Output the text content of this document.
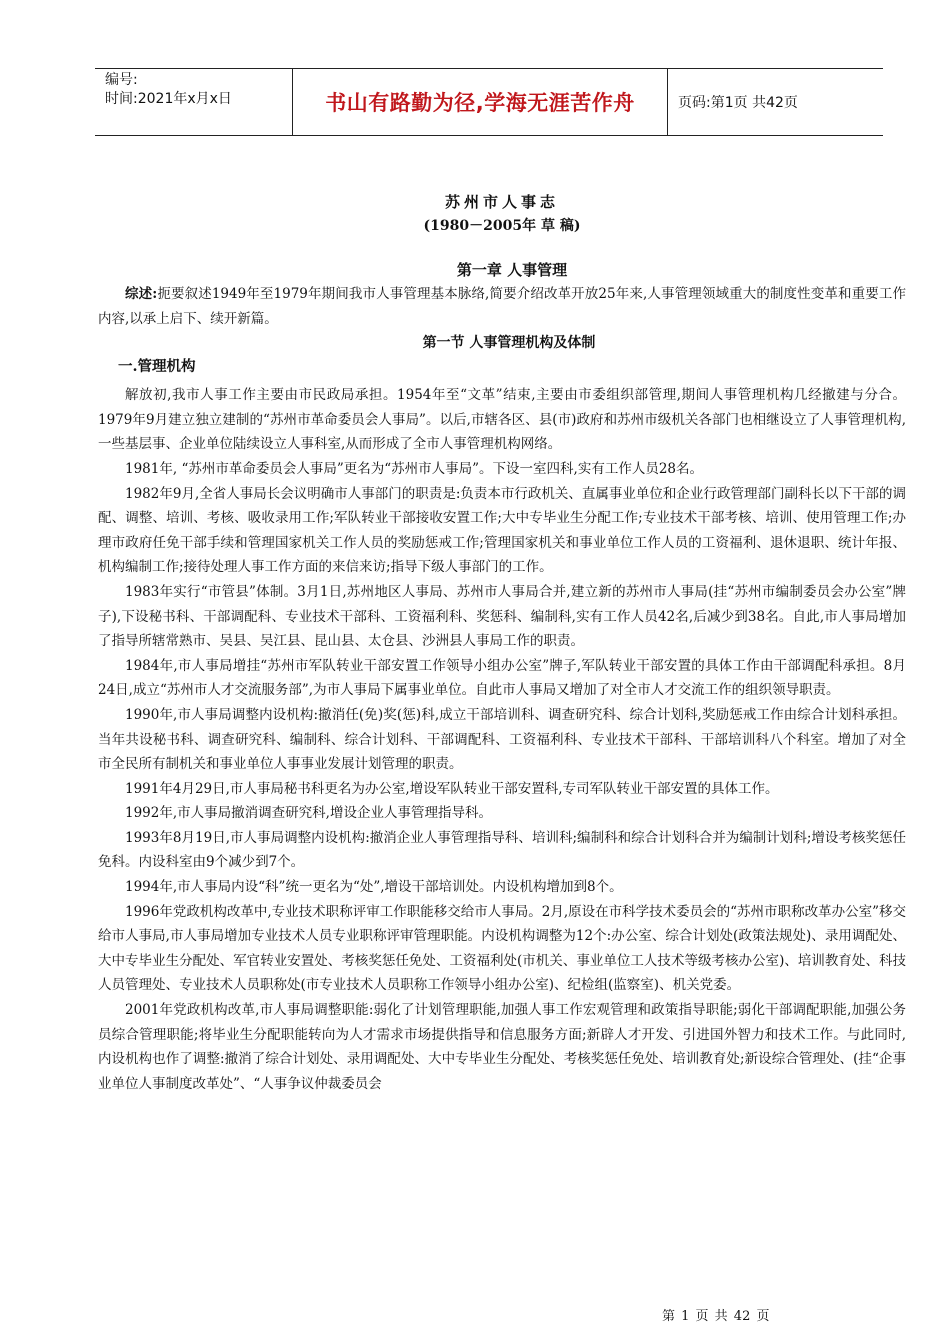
编号:
时间:2021年x月x日	书山有路勤为径,学海无涯苦作舟	页码:第1页 共42页
苏州市人事志
(1980－2005年 草 稿)
第一章 人事管理

综述:扼要叙述1949年至1979年期间我市人事管理基本脉络,简要介绍改革开放25年来,人事管理领域重大的制度性变革和重要工作内容,以承上启下、续开新篇。

第一节 人事管理机构及体制
一.管理机构

解放初,我市人事工作主要由市民政局承担。1954年至“文革”结束,主要由市委组织部管理,期间人事管理机构几经撤建与分合。1979年9月建立独立建制的“苏州市革命委员会人事局”。以后,市辖各区、县(市)政府和苏州市级机关各部门也相继设立了人事管理机构,一些基层事、企业单位陆续设立人事科室,从而形成了全市人事管理机构网络。

1981年, “苏州市革命委员会人事局”更名为“苏州市人事局”。下设一室四科,实有工作人员28名。

1982年9月,全省人事局长会议明确市人事部门的职责是:负责本市行政机关、直属事业单位和企业行政管理部门副科长以下干部的调配、调整、培训、考核、吸收录用工作;军队转业干部接收安置工作;大中专毕业生分配工作;专业技术干部考核、培训、使用管理工作;办理市政府任免干部手续和管理国家机关工作人员的奖励惩戒工作;管理国家机关和事业单位工作人员的工资福利、退休退职、统计年报、机构编制工作;接待处理人事工作方面的来信来访;指导下级人事部门的工作。

1983年实行“市管县”体制。3月1日,苏州地区人事局、苏州市人事局合并,建立新的苏州市人事局(挂“苏州市编制委员会办公室”牌子),下设秘书科、干部调配科、专业技术干部科、工资福利科、奖惩科、编制科,实有工作人员42名,后减少到38名。自此,市人事局增加了指导所辖常熟市、吴县、吴江县、昆山县、太仓县、沙洲县人事局工作的职责。

1984年,市人事局增挂“苏州市军队转业干部安置工作领导小组办公室”牌子,军队转业干部安置的具体工作由干部调配科承担。8月24日,成立“苏州市人才交流服务部”,为市人事局下属事业单位。自此市人事局又增加了对全市人才交流工作的组织领导职责。

1990年,市人事局调整内设机构:撤消任(免)奖(惩)科,成立干部培训科、调查研究科、综合计划科,奖励惩戒工作由综合计划科承担。当年共设秘书科、调查研究科、编制科、综合计划科、干部调配科、工资福利科、专业技术干部科、干部培训科八个科室。增加了对全市全民所有制机关和事业单位人事事业发展计划管理的职责。

1991年4月29日,市人事局秘书科更名为办公室,增设军队转业干部安置科,专司军队转业干部安置的具体工作。

1992年,市人事局撤消调查研究科,增设企业人事管理指导科。

1993年8月19日,市人事局调整内设机构:撤消企业人事管理指导科、培训科;编制科和综合计划科合并为编制计划科;增设考核奖惩任免科。内设科室由9个减少到7个。

1994年,市人事局内设“科”统一更名为“处”,增设干部培训处。内设机构增加到8个。

1996年党政机构改革中,专业技术职称评审工作职能移交给市人事局。2月,原设在市科学技术委员会的“苏州市职称改革办公室”移交给市人事局,市人事局增加专业技术人员专业职称评审管理职能。内设机构调整为12个:办公室、综合计划处(政策法规处)、录用调配处、大中专毕业生分配处、军官转业安置处、考核奖惩任免处、工资福利处(市机关、事业单位工人技术等级考核办公室)、培训教育处、科技人员管理处、专业技术人员职称处(市专业技术人员职称工作领导小组办公室)、纪检组(监察室)、机关党委。

2001年党政机构改革,市人事局调整职能:弱化了计划管理职能,加强人事工作宏观管理和政策指导职能;弱化干部调配职能,加强公务员综合管理职能;将毕业生分配职能转向为人才需求市场提供指导和信息服务方面;新辟人才开发、引进国外智力和技术工作。与此同时,内设机构也作了调整:撤消了综合计划处、录用调配处、大中专毕业生分配处、考核奖惩任免处、培训教育处;新设综合管理处、(挂“企事业单位人事制度改革处”、“人事争议仲裁委员会

第 1 页 共 42 页
